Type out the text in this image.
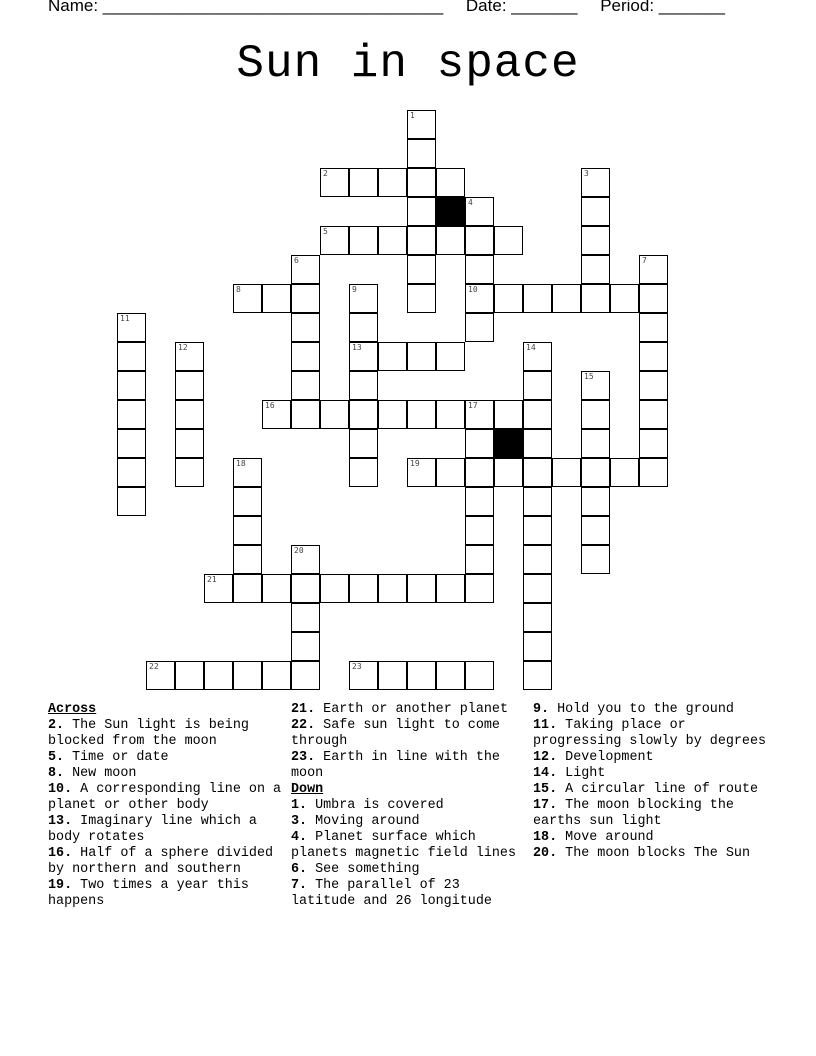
Name: ____________________________________ Date: _______ Period: _______
Sun in space
1
2	3
4
10
5
6	7
8	9
13
11
12	14
15
16	17
18	19
20
21
22	23
Across
2. The Sun light is being blocked from the moon
5. Time or date
8. New moon
10. A corresponding line on a planet or other body
13. Imaginary line which a body rotates
16. Half of a sphere divided by northern and southern
19. Two times a year this happens
21. Earth or another planet
22. Safe sun light to come through
23. Earth in line with the moon
Down
1. Umbra is covered
3. Moving around
4. Planet surface which planets magnetic field lines
6. See something
7. The parallel of 23 latitude and 26 longitude
9. Hold you to the ground
11. Taking place or progressing slowly by degrees
12. Development
14. Light
15. A circular line of route
17. The moon blocking the earths sun light
18. Move around
20. The moon blocks The Sun
